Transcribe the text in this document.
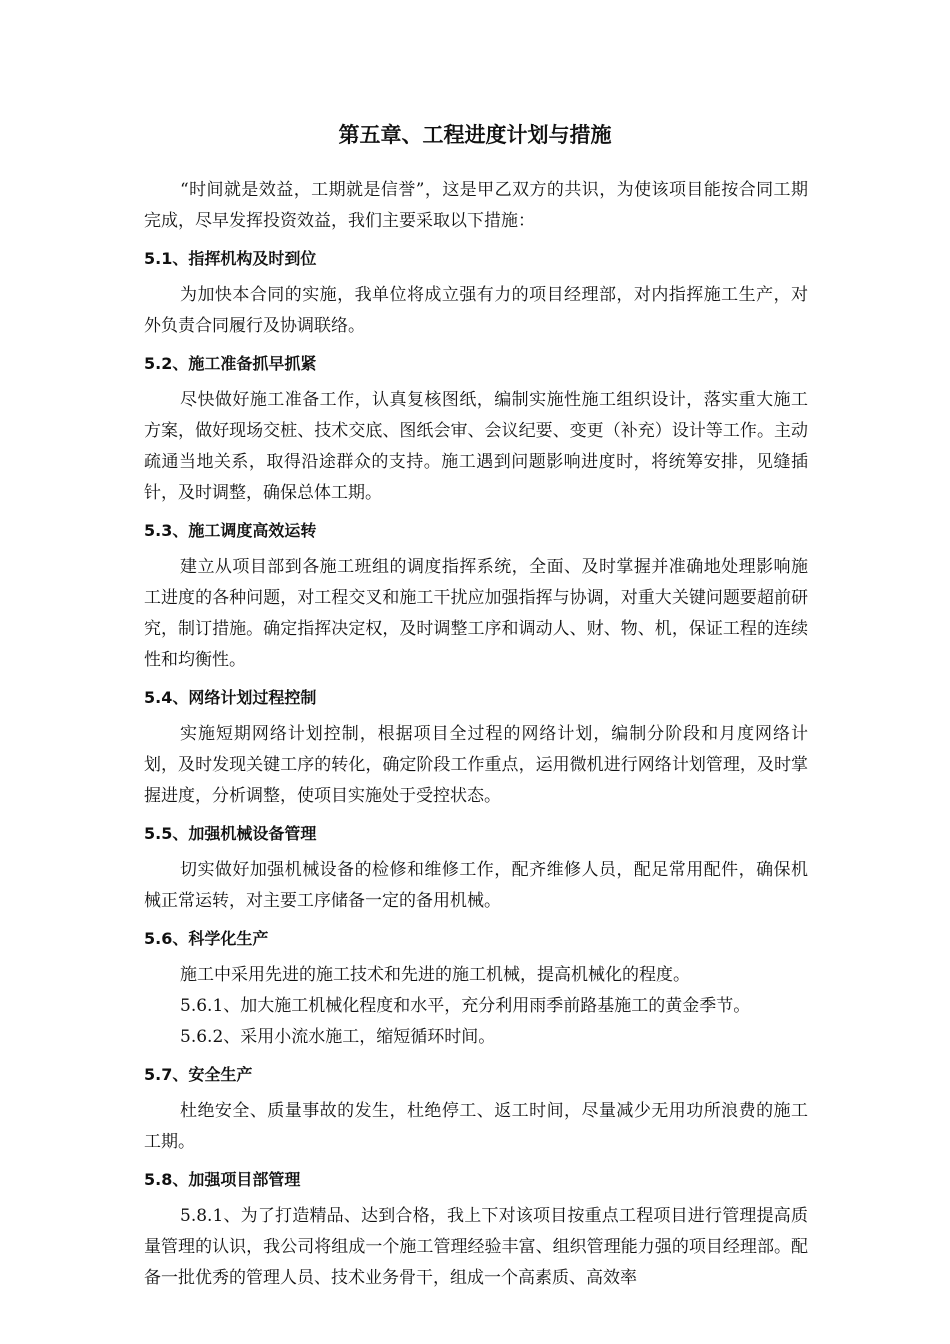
第五章、工程进度计划与措施

“时间就是效益，工期就是信誉”，这是甲乙双方的共识，为使该项目能按合同工期完成，尽早发挥投资效益，我们主要采取以下措施：

5.1、指挥机构及时到位

为加快本合同的实施，我单位将成立强有力的项目经理部，对内指挥施工生产，对外负责合同履行及协调联络。

5.2、施工准备抓早抓紧

尽快做好施工准备工作，认真复核图纸，编制实施性施工组织设计，落实重大施工方案，做好现场交桩、技术交底、图纸会审、会议纪要、变更（补充）设计等工作。主动疏通当地关系，取得沿途群众的支持。施工遇到问题影响进度时，将统筹安排，见缝插针，及时调整，确保总体工期。

5.3、施工调度高效运转

建立从项目部到各施工班组的调度指挥系统，全面、及时掌握并准确地处理影响施工进度的各种问题，对工程交叉和施工干扰应加强指挥与协调，对重大关键问题要超前研究，制订措施。确定指挥决定权，及时调整工序和调动人、财、物、机，保证工程的连续性和均衡性。

5.4、网络计划过程控制

实施短期网络计划控制，根据项目全过程的网络计划，编制分阶段和月度网络计划，及时发现关键工序的转化，确定阶段工作重点，运用微机进行网络计划管理，及时掌握进度，分析调整，使项目实施处于受控状态。

5.5、加强机械设备管理

切实做好加强机械设备的检修和维修工作，配齐维修人员，配足常用配件，确保机械正常运转，对主要工序储备一定的备用机械。

5.6、科学化生产

施工中采用先进的施工技术和先进的施工机械，提高机械化的程度。

5.6.1、加大施工机械化程度和水平，充分利用雨季前路基施工的黄金季节。

5.6.2、采用小流水施工，缩短循环时间。

5.7、安全生产

杜绝安全、质量事故的发生，杜绝停工、返工时间，尽量减少无用功所浪费的施工工期。

5.8、加强项目部管理

5.8.1、为了打造精品、达到合格，我上下对该项目按重点工程项目进行管理提高质量管理的认识，我公司将组成一个施工管理经验丰富、组织管理能力强的项目经理部。配备一批优秀的管理人员、技术业务骨干，组成一个高素质、高效率
